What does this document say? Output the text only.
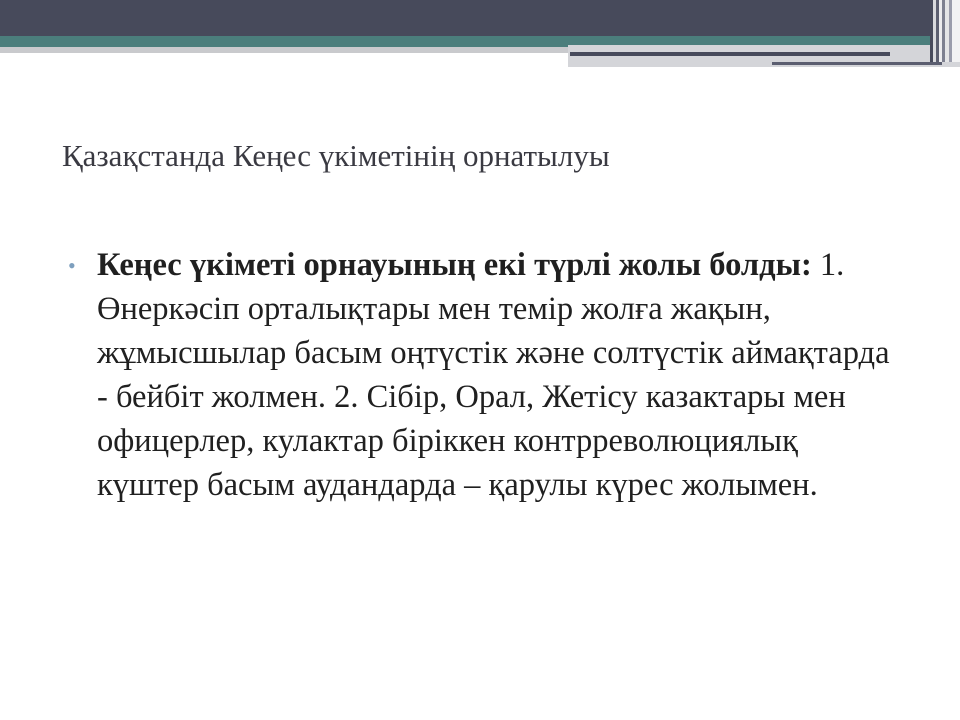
Қазақстанда Кеңес үкіметінің орнатылуы
• Кеңес үкіметі орнауының екі түрлі жолы болды: 1. Өнеркәсіп орталықтары мен темір жолға жақын, жұмысшылар басым оңтүстік және солтүстік аймақтарда - бейбіт жолмен. 2. Сібір, Орал, Жетісу казактары мен офицерлер, кулактар біріккен контрреволюциялық күштер басым аудандарда – қарулы күрес жолымен.
